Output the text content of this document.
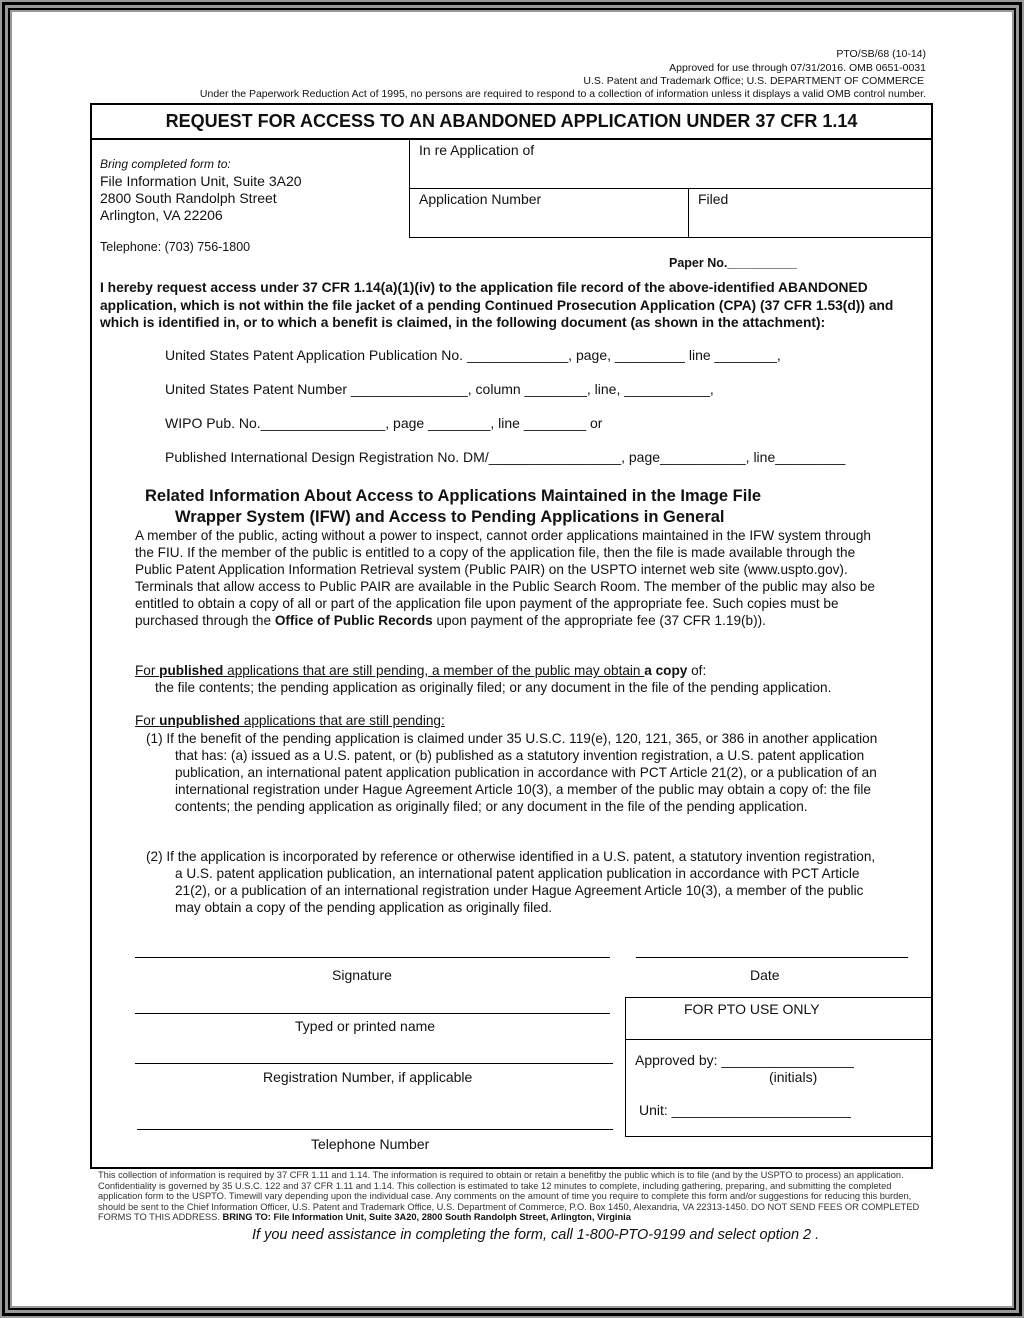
PTO/SB/68 (10-14)
Approved for use through 07/31/2016. OMB 0651-0031
U.S. Patent and Trademark Office; U.S. DEPARTMENT OF COMMERCE
Under the Paperwork Reduction Act of 1995, no persons are required to respond to a collection of information unless it displays a valid OMB control number.
REQUEST FOR ACCESS TO AN ABANDONED APPLICATION UNDER 37 CFR 1.14
Bring completed form to:
File Information Unit, Suite 3A20
2800 South Randolph Street
Arlington, VA 22206
Telephone: (703) 756-1800
In re Application of
Application Number	Filed
Paper No.__________
I hereby request access under 37 CFR 1.14(a)(1)(iv) to the application file record of the above-identified ABANDONED application, which is not within the file jacket of a pending Continued Prosecution Application (CPA) (37 CFR 1.53(d)) and which is identified in, or to which a benefit is claimed, in the following document (as shown in the attachment):
United States Patent Application Publication No. _____________, page, _________ line ________,
United States Patent Number _______________, column ________, line, ___________,
WIPO Pub. No.________________, page ________, line ________ or
Published International Design Registration No. DM/_________________, page___________, line_________
Related Information About Access to Applications Maintained in the Image File
Wrapper System (IFW) and Access to Pending Applications in General
A member of the public, acting without a power to inspect, cannot order applications maintained in the IFW system through the FIU. If the member of the public is entitled to a copy of the application file, then the file is made available through the Public Patent Application Information Retrieval system (Public PAIR) on the USPTO internet web site (www.uspto.gov). Terminals that allow access to Public PAIR are available in the Public Search Room. The member of the public may also be entitled to obtain a copy of all or part of the application file upon payment of the appropriate fee. Such copies must be purchased through the Office of Public Records upon payment of the appropriate fee (37 CFR 1.19(b)).
For published applications that are still pending, a member of the public may obtain a copy of:
the file contents; the pending application as originally filed; or any document in the file of the pending application.
For unpublished applications that are still pending:
(1) If the benefit of the pending application is claimed under 35 U.S.C. 119(e), 120, 121, 365, or 386 in another application that has: (a) issued as a U.S. patent, or (b) published as a statutory invention registration, a U.S. patent application publication, an international patent application publication in accordance with PCT Article 21(2), or a publication of an international registration under Hague Agreement Article 10(3), a member of the public may obtain a copy of: the file contents; the pending application as originally filed; or any document in the file of the pending application.
(2) If the application is incorporated by reference or otherwise identified in a U.S. patent, a statutory invention registration, a U.S. patent application publication, an international patent application publication in accordance with PCT Article 21(2), or a publication of an international registration under Hague Agreement Article 10(3), a member of the public may obtain a copy of the pending application as originally filed.
Signature	Date
Typed or printed name
Registration Number, if applicable
Telephone Number
FOR PTO USE ONLY
Approved by: _________________
(initials)
Unit: _______________________
This collection of information is required by 37 CFR 1.11 and 1.14. The information is required to obtain or retain a benefitby the public which is to file (and by the USPTO to process) an application. Confidentiality is governed by 35 U.S.C. 122 and 37 CFR 1.11 and 1.14. This collection is estimated to take 12 minutes to complete, including gathering, preparing, and submitting the completed application form to the USPTO. Timewill vary depending upon the individual case. Any comments on the amount of time you require to complete this form and/or suggestions for reducing this burden, should be sent to the Chief Information Officer, U.S. Patent and Trademark Office, U.S. Department of Commerce, P.O. Box 1450, Alexandria, VA 22313-1450. DO NOT SEND FEES OR COMPLETED FORMS TO THIS ADDRESS. BRING TO: File Information Unit, Suite 3A20, 2800 South Randolph Street, Arlington, Virginia
If you need assistance in completing the form, call 1-800-PTO-9199 and select option 2 .
